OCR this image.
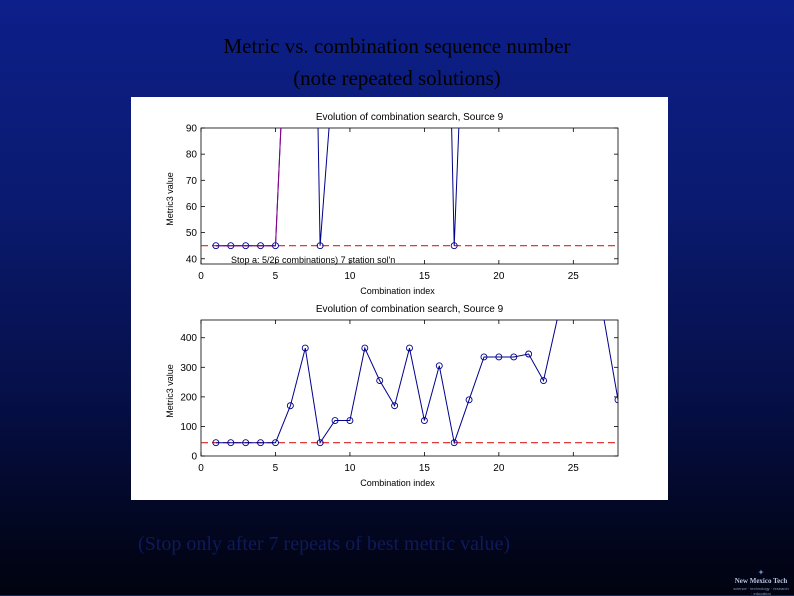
Metric vs. combination sequence number
(note repeated solutions)
Evolution of combination search, Source 9
0	5	10	15	20	25
40
50
60
70
80
90
Combination index
Metric3 value
Stop a: 5/26 combinations) 7 station sol'n
Evolution of combination search, Source 9
0	5	10	15	20	25
0
100
200
300
400
Combination index
Metric3 value
(Stop only after 7 repeats of best metric value)
✦
New Mexico Tech
science · technology · research · education
